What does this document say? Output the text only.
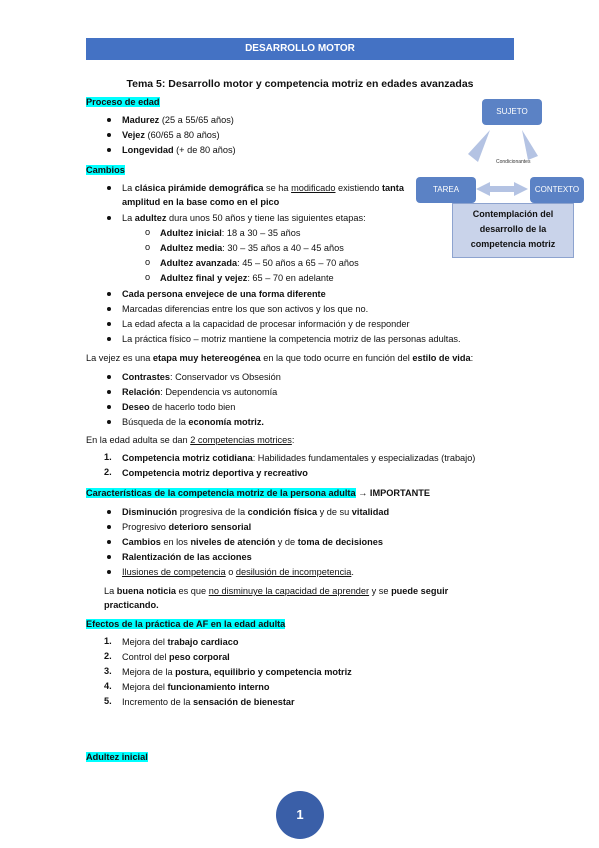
DESARROLLO MOTOR
Tema 5: Desarrollo motor y competencia motriz en edades avanzadas
Proceso de edad
Madurez (25 a 55/65 años)
Vejez (60/65 a 80 años)
Longevidad (+ de 80 años)
Cambios
La clásica pirámide demográfica se ha modificado existiendo tanta
amplitud en la base como en el pico
La adultez dura unos 50 años y tiene las siguientes etapas:
o Adultez inicial: 18 a 30 – 35 años
o Adultez media: 30 – 35 años a 40 – 45 años
o Adultez avanzada: 45 – 50 años a 65 – 70 años
o Adultez final y vejez: 65 – 70 en adelante
Cada persona envejece de una forma diferente
Marcadas diferencias entre los que son activos y los que no.
La edad afecta a la capacidad de procesar información y de responder
La práctica físico – motriz mantiene la competencia motriz de las personas adultas.
La vejez es una etapa muy hetereogénea en la que todo ocurre en función del estilo de vida:
Contrastes: Conservador vs Obsesión
Relación: Dependencia vs autonomía
Deseo de hacerlo todo bien
Búsqueda de la economía motriz.
En la edad adulta se dan 2 competencias motrices:
1. Competencia motriz cotidiana: Habilidades fundamentales y especializadas (trabajo)
2. Competencia motriz deportiva y recreativo
Características de la competencia motriz de la persona adulta → IMPORTANTE
Disminución progresiva de la condición física y de su vitalidad
Progresivo deterioro sensorial
Cambios en los niveles de atención y de toma de decisiones
Ralentización de las acciones
Ilusiones de competencia o desilusión de incompetencia.
La buena noticia es que no disminuye la capacidad de aprender y se puede seguir
practicando.
Efectos de la práctica de AF en la edad adulta
1. Mejora del trabajo cardiaco
2. Control del peso corporal
3. Mejora de la postura, equilibrio y competencia motriz
4. Mejora del funcionamiento interno
5. Incremento de la sensación de bienestar
Adultez inicial
SUJETO
TAREA	CONTEXTO
Condicionantes
Contemplación del
desarrollo de la
competencia motriz
1
